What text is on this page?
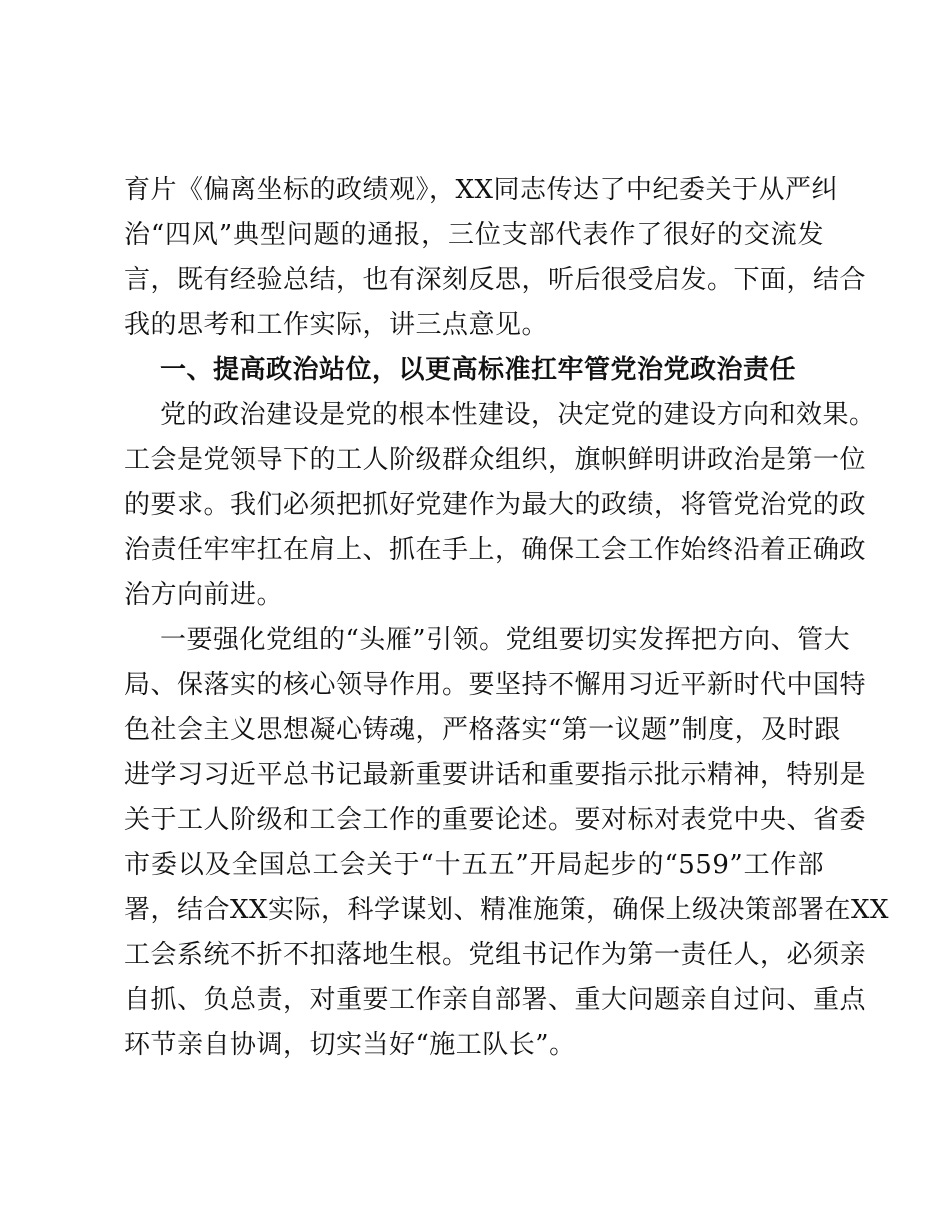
育片《偏离坐标的政绩观》，XX同志传达了中纪委关于从严纠
治“四风”典型问题的通报，三位支部代表作了很好的交流发
言，既有经验总结，也有深刻反思，听后很受启发。下面，结合
我的思考和工作实际，讲三点意见。
一、提高政治站位，以更高标准扛牢管党治党政治责任
党的政治建设是党的根本性建设，决定党的建设方向和效果。
工会是党领导下的工人阶级群众组织，旗帜鲜明讲政治是第一位
的要求。我们必须把抓好党建作为最大的政绩，将管党治党的政
治责任牢牢扛在肩上、抓在手上，确保工会工作始终沿着正确政
治方向前进。
一要强化党组的“头雁”引领。党组要切实发挥把方向、管大
局、保落实的核心领导作用。要坚持不懈用习近平新时代中国特
色社会主义思想凝心铸魂，严格落实“第一议题”制度，及时跟
进学习习近平总书记最新重要讲话和重要指示批示精神，特别是
关于工人阶级和工会工作的重要论述。要对标对表党中央、省委
市委以及全国总工会关于“十五五”开局起步的“559”工作部
署，结合XX实际，科学谋划、精准施策，确保上级决策部署在XX
工会系统不折不扣落地生根。党组书记作为第一责任人，必须亲
自抓、负总责，对重要工作亲自部署、重大问题亲自过问、重点
环节亲自协调，切实当好“施工队长”。
